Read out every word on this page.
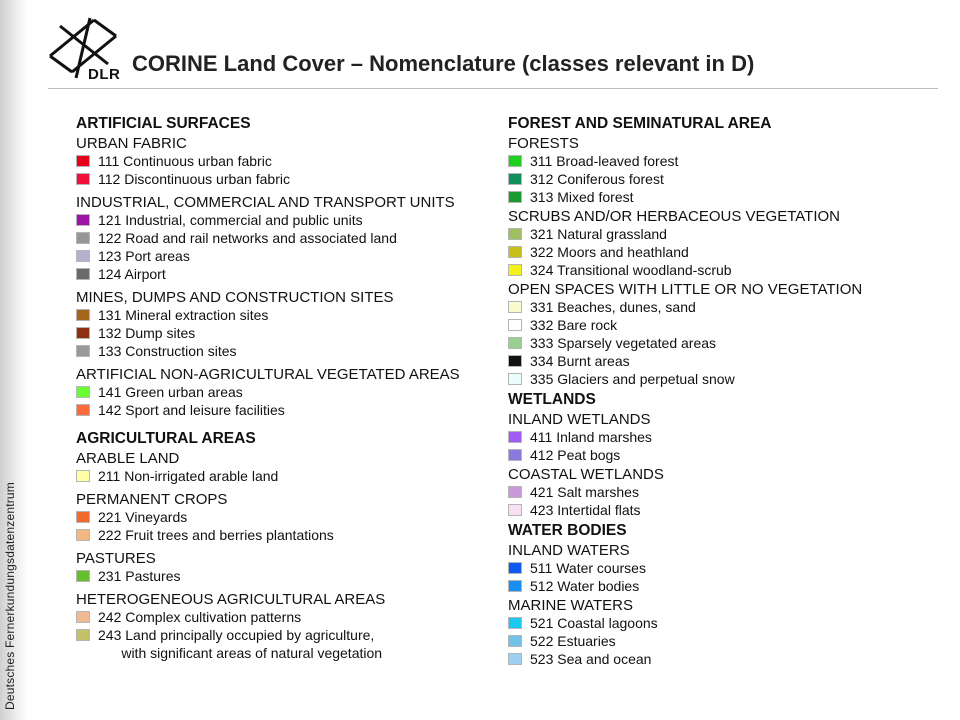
Deutsches Fernerkundungsdatenzentrum
DLR CORINE Land Cover – Nomenclature (classes relevant in D)
ARTIFICIAL SURFACES
URBAN FABRIC
111 Continuous urban fabric
112 Discontinuous urban fabric
INDUSTRIAL, COMMERCIAL AND TRANSPORT UNITS
121 Industrial, commercial and public units
122 Road and rail networks and associated land
123 Port areas
124 Airport
MINES, DUMPS AND CONSTRUCTION SITES
131 Mineral extraction sites
132 Dump sites
133 Construction sites
ARTIFICIAL NON-AGRICULTURAL VEGETATED AREAS
141 Green urban areas
142 Sport and leisure facilities
AGRICULTURAL AREAS
ARABLE LAND
211 Non-irrigated arable land
PERMANENT CROPS
221 Vineyards
222 Fruit trees and berries plantations
PASTURES
231 Pastures
HETEROGENEOUS AGRICULTURAL AREAS
242 Complex cultivation patterns
243 Land principally occupied by agriculture,
with significant areas of natural vegetation
FOREST AND SEMINATURAL AREA
FORESTS
311 Broad-leaved forest
312 Coniferous forest
313 Mixed forest
SCRUBS AND/OR HERBACEOUS VEGETATION
321 Natural grassland
322 Moors and heathland
324 Transitional woodland-scrub
OPEN SPACES WITH LITTLE OR NO VEGETATION
331 Beaches, dunes, sand
332 Bare rock
333 Sparsely vegetated areas
334 Burnt areas
335 Glaciers and perpetual snow
WETLANDS
INLAND WETLANDS
411 Inland marshes
412 Peat bogs
COASTAL WETLANDS
421 Salt marshes
423 Intertidal flats
WATER BODIES
INLAND WATERS
511 Water courses
512 Water bodies
MARINE WATERS
521 Coastal lagoons
522 Estuaries
523 Sea and ocean
